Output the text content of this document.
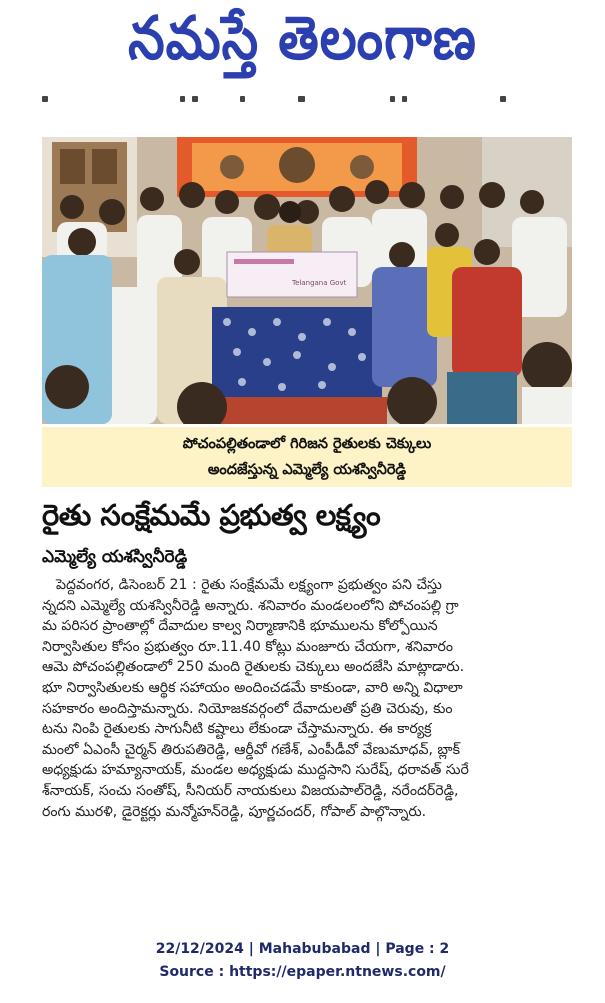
నమస్తే తెలంగాణ
Telangana Govt
పోచంపల్లితండాలో గిరిజన రైతులకు చెక్కులు
అందజేస్తున్న ఎమ్మెల్యే యశస్వినీరెడ్డి
రైతు సంక్షేమమే ప్రభుత్వ లక్ష్యం
ఎమ్మెల్యే యశస్వినీరెడ్డి
పెద్దవంగర, డిసెంబర్ 21 : రైతు సంక్షేమమే లక్ష్యంగా ప్రభుత్వం పని చేస్తు
న్నదని ఎమ్మెల్యే యశస్వినీరెడ్డి అన్నారు. శనివారం మండలంలోని పోచంపల్లి గ్రా
మ పరిసర ప్రాంతాల్లో దేవాదుల కాల్వ నిర్మాణానికి భూములను కోల్పోయిన
నిర్వాసితుల కోసం ప్రభుత్వం రూ.11.40 కోట్లు మంజూరు చేయగా, శనివారం
ఆమె పోచంపల్లితండాలో 250 మంది రైతులకు చెక్కులు అందజేసి మాట్లాడారు.
భూ నిర్వాసితులకు ఆర్థిక సహాయం అందించడమే కాకుండా, వారి అన్ని విధాలా
సహకారం అందిస్తామన్నారు. నియోజకవర్గంలో దేవాదులతో ప్రతి చెరువు, కుం
టను నింపి రైతులకు సాగునీటి కష్టాలు లేకుండా చేస్తామన్నారు. ఈ కార్యక్ర
మంలో ఏఎంసీ చైర్మన్ తిరుపతిరెడ్డి, ఆర్డీవో గణేశ్, ఎంపీడీవో వేణుమాధవ్, బ్లాక్
అధ్యక్షుడు హమ్యానాయక్, మండల అధ్యక్షుడు ముద్దసాని సురేష్, ధరావత్ సురే
శ్‌నాయక్, సంచు సంతోష్, సీనియర్ నాయకులు విజయపాల్‌రెడ్డి, నరేందర్‌రెడ్డి,
రంగు మురళి, డైరెక్టర్లు మన్మోహన్‌రెడ్డి, పూర్ణచందర్, గోపాల్ పాల్గొన్నారు.
22/12/2024 | Mahabubabad | Page : 2
Source : https://epaper.ntnews.com/
